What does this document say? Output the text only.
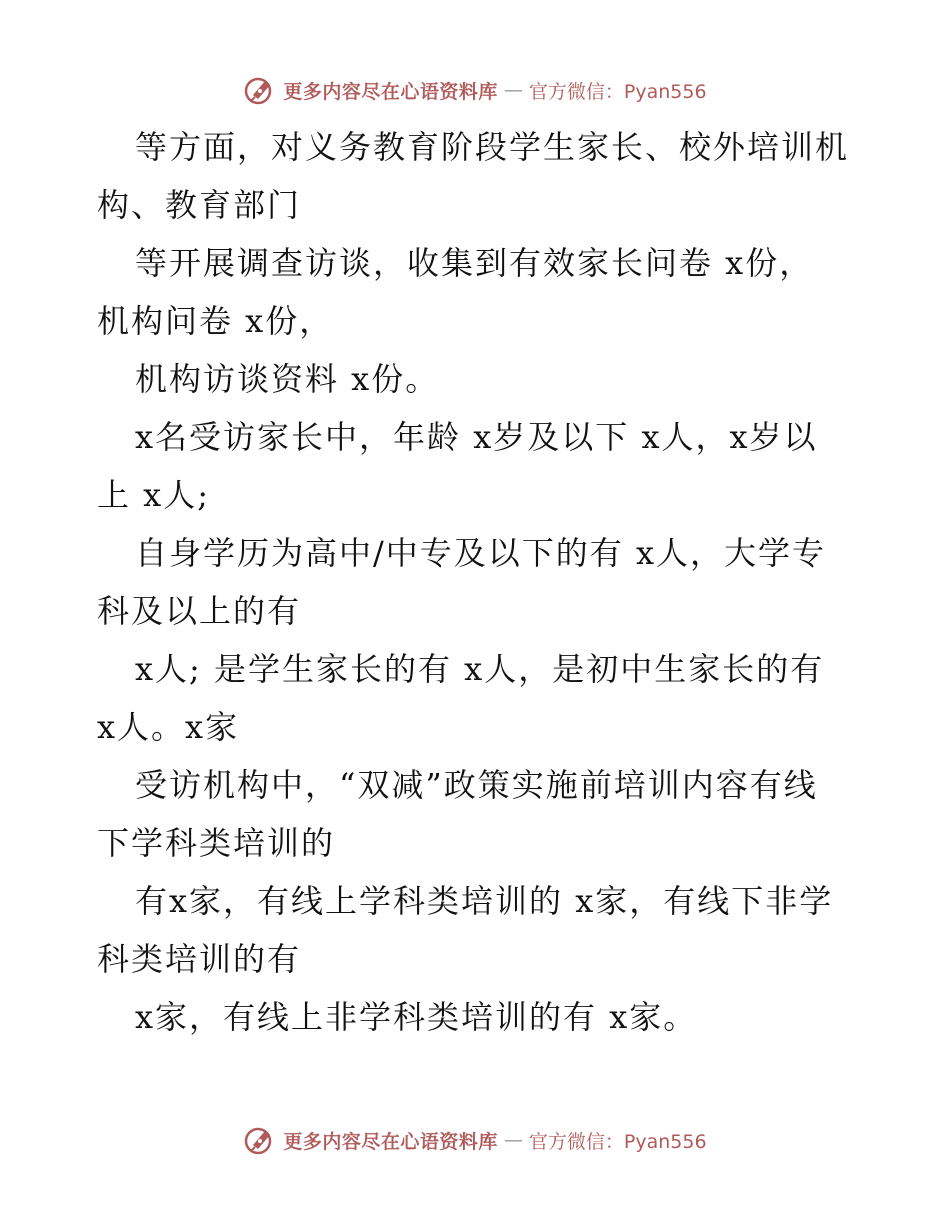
更多内容尽在心语资料库 — 官方微信：Pyan556
等方面，对义务教育阶段学生家长、校外培训机
构、教育部门
等开展调查访谈，收集到有效家长问卷 x份，
机构问卷 x份，
机构访谈资料 x份。
x名受访家长中，年龄 x岁及以下 x人，x岁以
上 x人;
自身学历为高中/中专及以下的有 x人，大学专
科及以上的有
x人; 是学生家长的有 x人，是初中生家长的有
x人。x家
受访机构中，“双减”政策实施前培训内容有线
下学科类培训的
有x家，有线上学科类培训的 x家，有线下非学
科类培训的有
x家，有线上非学科类培训的有 x家。
更多内容尽在心语资料库 — 官方微信：Pyan556
